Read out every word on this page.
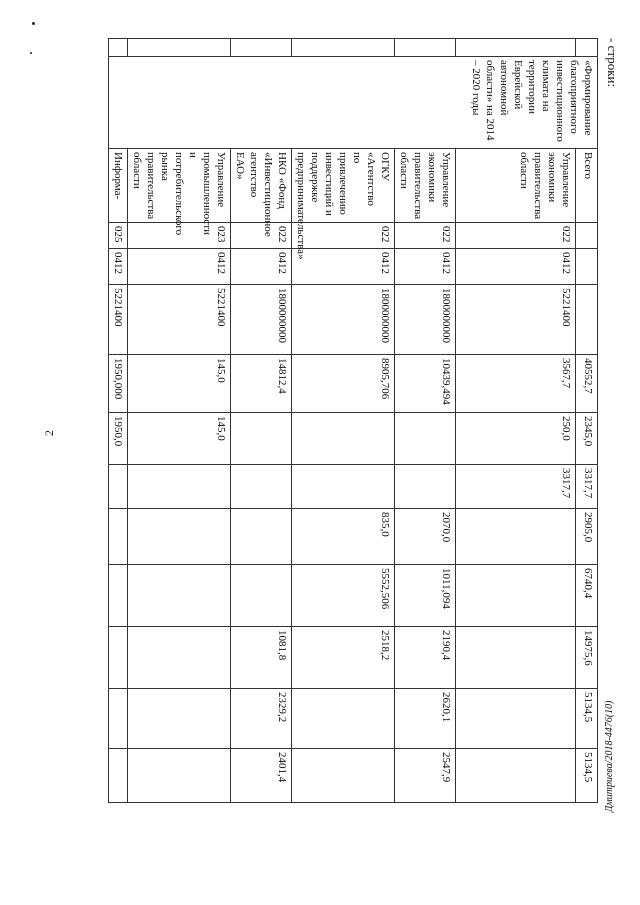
2
Дмитриева/2018-4476(10)
- строки:
	«Формирование благоприятного инвестиционного климата на территории Еврейской автономной области» на 2014 – 2020 годы	Всего				40552,7	2345,0	3317,7	2905,0	6740,4	14975,6	5134,5	5134,5
		Управление экономики правительства области	022	0412	5221400	3567,7	250,0	3317,7					
		Управление экономики правительства области	022	0412	1800000000	10439,494			2070,0	1011,094	2190,4	2620,1	2547,9
		ОГКУ «Агентство по привлечению инвестиций и поддержке предпринимательства»	022	0412	1800000000	8905,706			835,0	5552,506	2518,2		
		НКО «Фонд «Инвестиционное агентство ЕАО»	022	0412	1800000000	14812,4					1081,8	2329,2	2401,4
		Управление промышленности и потребительского рынка правительства области	023	0412	5221400	145,0	145,0						
		Информа-	025	0412	5221400	1950,000	1950,0						
